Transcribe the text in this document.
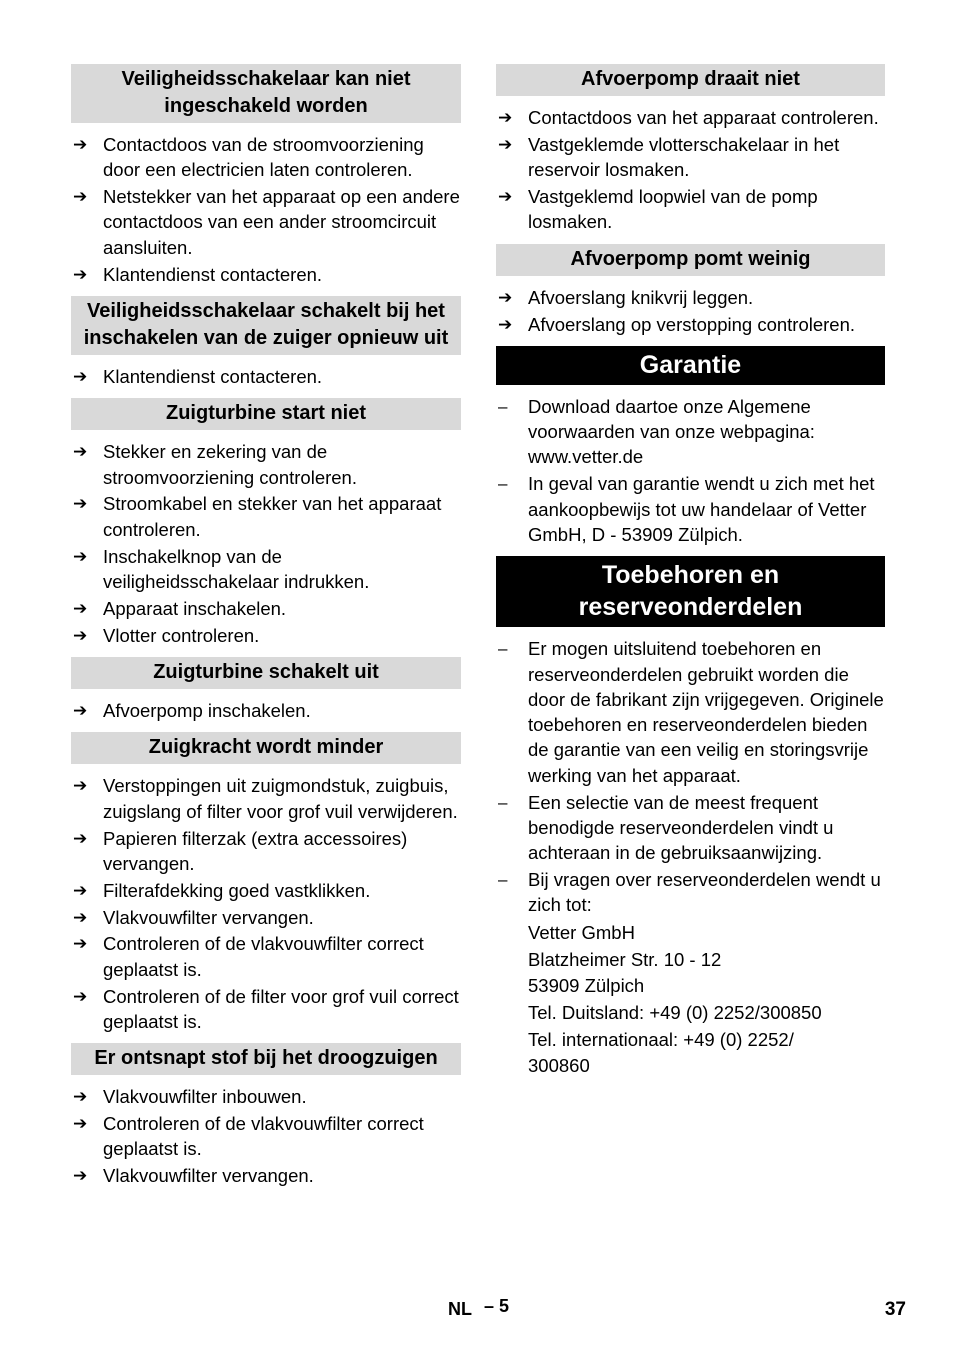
Veiligheidsschakelaar kan niet ingeschakeld worden
➔ Contactdoos van de stroomvoorziening door een electricien laten controleren.
➔ Netstekker van het apparaat op een andere contactdoos van een ander stroomcircuit aansluiten.
➔ Klantendienst contacteren.
Veiligheidsschakelaar schakelt bij het inschakelen van de zuiger opnieuw uit
➔ Klantendienst contacteren.
Zuigturbine start niet
➔ Stekker en zekering van de stroomvoorziening controleren.
➔ Stroomkabel en stekker van het apparaat controleren.
➔ Inschakelknop van de veiligheidsschakelaar indrukken.
➔ Apparaat inschakelen.
➔ Vlotter controleren.
Zuigturbine schakelt uit
➔ Afvoerpomp inschakelen.
Zuigkracht wordt minder
➔ Verstoppingen uit zuigmondstuk, zuigbuis, zuigslang of filter voor grof vuil verwijderen.
➔ Papieren filterzak (extra accessoires) vervangen.
➔ Filterafdekking goed vastklikken.
➔ Vlakvouwfilter vervangen.
➔ Controleren of de vlakvouwfilter correct geplaatst is.
➔ Controleren of de filter voor grof vuil correct geplaatst is.
Er ontsnapt stof bij het droogzuigen
➔ Vlakvouwfilter inbouwen.
➔ Controleren of de vlakvouwfilter correct geplaatst is.
➔ Vlakvouwfilter vervangen.
Afvoerpomp draait niet
➔ Contactdoos van het apparaat controleren.
➔ Vastgeklemde vlotterschakelaar in het reservoir losmaken.
➔ Vastgeklemd loopwiel van de pomp losmaken.
Afvoerpomp pomt weinig
➔ Afvoerslang knikvrij leggen.
➔ Afvoerslang op verstopping controleren.
Garantie
– Download daartoe onze Algemene voorwaarden van onze webpagina: www.vetter.de
– In geval van garantie wendt u zich met het aankoopbewijs tot uw handelaar of Vetter GmbH, D - 53909 Zülpich.
Toebehoren en reserveonderdelen
– Er mogen uitsluitend toebehoren en reserveonderdelen gebruikt worden die door de fabrikant zijn vrijgegeven. Originele toebehoren en reserveonderdelen bieden de garantie van een veilig en storingsvrije werking van het apparaat.
– Een selectie van de meest frequent benodigde reserveonderdelen vindt u achteraan in de gebruiksaanwijzing.
– Bij vragen over reserveonderdelen wendt u zich tot:
Vetter GmbH
Blatzheimer Str. 10 - 12
53909 Zülpich
Tel. Duitsland: +49 (0) 2252/300850
Tel. internationaal: +49 (0) 2252/ 300860
NL – 5	37
